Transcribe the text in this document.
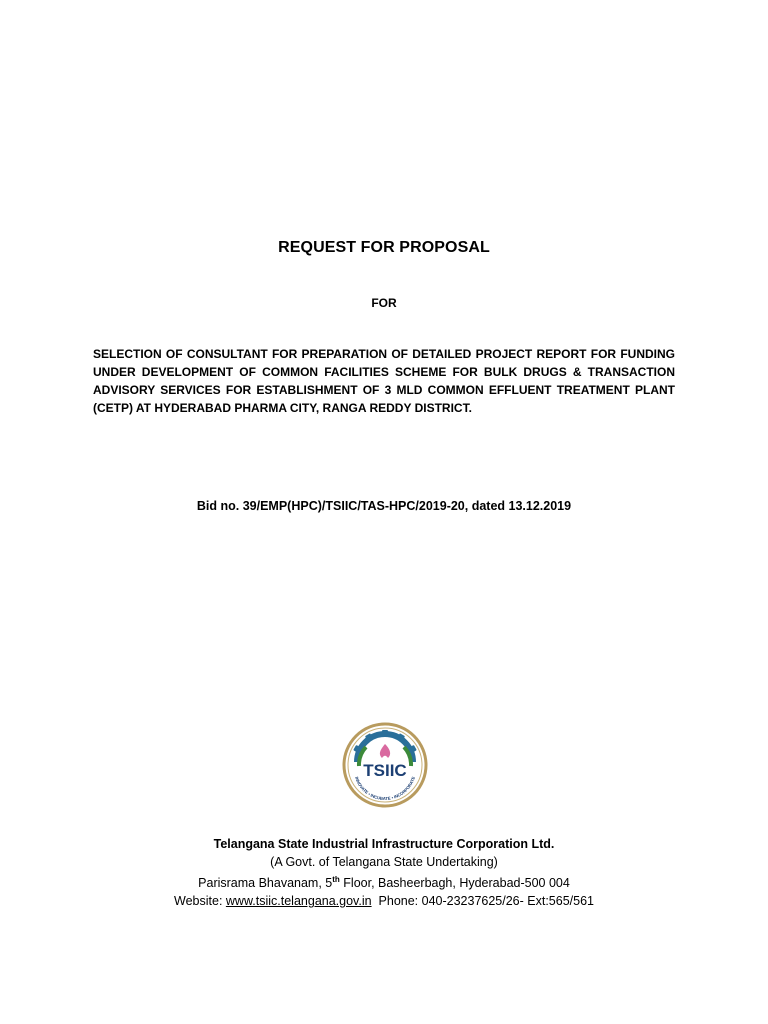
REQUEST FOR PROPOSAL
FOR

SELECTION OF CONSULTANT FOR PREPARATION OF DETAILED PROJECT REPORT FOR FUNDING UNDER DEVELOPMENT OF COMMON FACILITIES SCHEME FOR BULK DRUGS & TRANSACTION ADVISORY SERVICES FOR ESTABLISHMENT OF 3 MLD COMMON EFFLUENT TREATMENT PLANT (CETP) AT HYDERABAD PHARMA CITY, RANGA REDDY DISTRICT.

Bid no. 39/EMP(HPC)/TSIIC/TAS-HPC/2019-20, dated 13.12.2019
TSIIC
INNOVATE • INCUBATE • INCORPORATE
Telangana State Industrial Infrastructure Corporation Ltd.
(A Govt. of Telangana State Undertaking)
Parisrama Bhavanam, 5th Floor, Basheerbagh, Hyderabad-500 004
Website: www.tsiic.telangana.gov.in  Phone: 040-23237625/26- Ext:565/561
